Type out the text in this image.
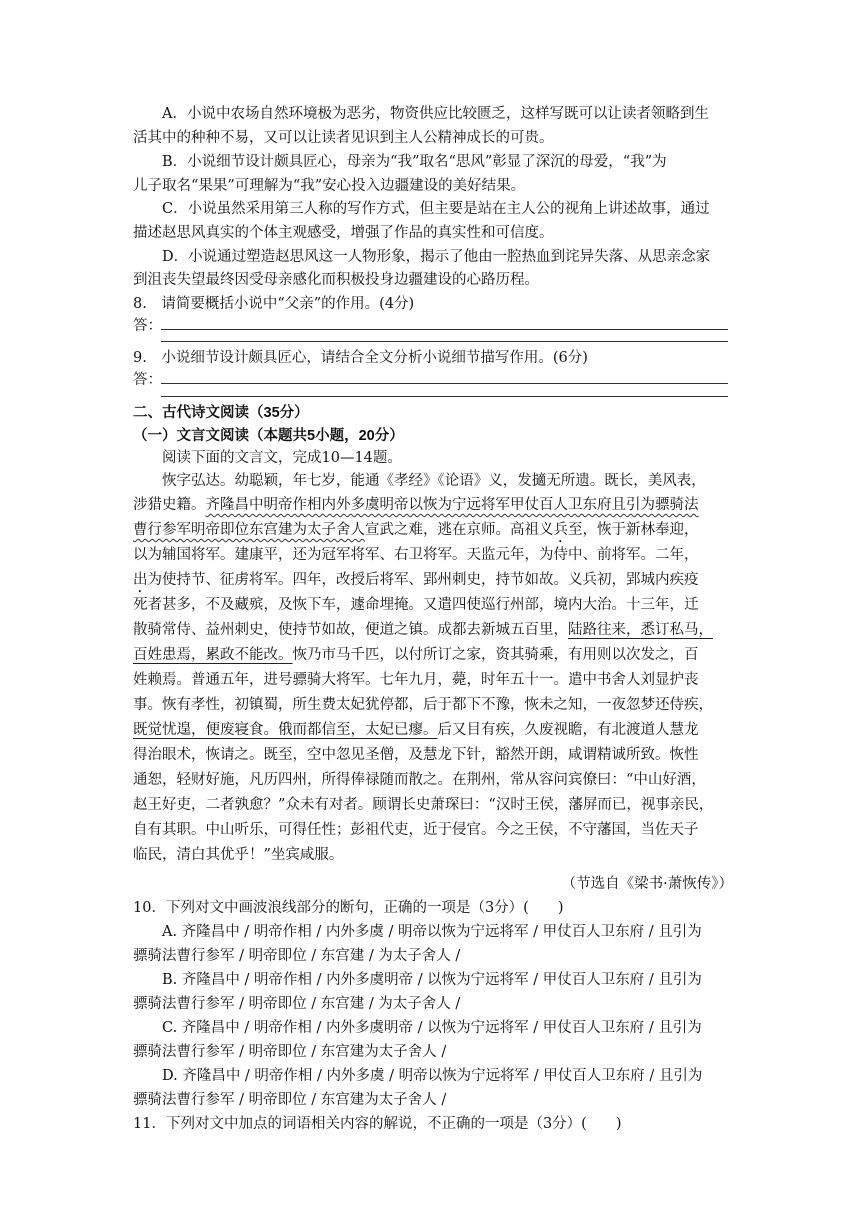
A．小说中农场自然环境极为恶劣，物资供应比较匮乏，这样写既可以让读者领略到生
活其中的种种不易，又可以让读者见识到主人公精神成长的可贵。
B．小说细节设计颇具匠心，母亲为“我”取名“思风”彰显了深沉的母爱，“我”为
儿子取名“果果”可理解为“我”安心投入边疆建设的美好结果。
C．小说虽然采用第三人称的写作方式，但主要是站在主人公的视角上讲述故事，通过
描述赵思风真实的个体主观感受，增强了作品的真实性和可信度。
D．小说通过塑造赵思风这一人物形象，揭示了他由一腔热血到诧异失落、从思亲念家
到沮丧失望最终因受母亲感化而积极投身边疆建设的心路历程。
8.　请简要概括小说中“父亲”的作用。(4分)
答：
9.　小说细节设计颇具匠心，请结合全文分析小说细节描写作用。(6分)
答：
二、古代诗文阅读（35分）
（一）文言文阅读（本题共5小题，20分）
阅读下面的文言文，完成10—14题。
恢字弘达。幼聪颖，年七岁，能通《孝经》《论语》义，发擿无所遗。既长，美风表，
涉猎史籍。齐隆昌中明帝作相内外多虞明帝以恢为宁远将军甲仗百人卫东府且引为骠骑法
曹行参军明帝即位东宫建为太子舍人宣武之难，逃在京师。高祖义兵至，恢于新林奉迎，
以为辅国将军。建康平，还为冠军将军、右卫将军。天监元年，为侍中、前将军。二年，
出为使持节、征虏将军。四年，改授后将军、郢州刺史，持节如故。义兵初，郢城内疾疫
死者甚多，不及藏殡，及恢下车，遽命埋掩。又遣四使巡行州部，境内大治。十三年，迁
散骑常侍、益州刺史，使持节如故，便道之镇。成都去新城五百里，陆路往来，悉订私马，
百姓患焉，累政不能改。恢乃市马千匹，以付所订之家，资其骑乘，有用则以次发之，百
姓赖焉。普通五年，进号骠骑大将军。七年九月，薨，时年五十一。遣中书舍人刘显护丧
事。恢有孝性，初镇蜀，所生费太妃犹停都，后于都下不豫，恢未之知，一夜忽梦还侍疾，
既觉忧遑，便废寝食。俄而都信至，太妃已瘳。后又目有疾，久废视瞻，有北渡道人慧龙
得治眼术，恢请之。既至，空中忽见圣僧，及慧龙下针，豁然开朗，咸谓精诚所致。恢性
通恕，轻财好施，凡历四州，所得俸禄随而散之。在荆州，常从容问宾僚曰：“中山好酒，
赵王好吏，二者孰愈？”众未有对者。顾谓长史萧琛曰：“汉时王侯，藩屏而已，视事亲民，
自有其职。中山听乐，可得任性；彭祖代吏，近于侵官。今之王侯，不守藩国，当佐天子
临民，清白其优乎！”坐宾咸服。
（节选自《梁书·萧恢传》）
10．下列对文中画波浪线部分的断句，正确的一项是（3分）(　　)
A. 齐隆昌中 / 明帝作相 / 内外多虞 / 明帝以恢为宁远将军 / 甲仗百人卫东府 / 且引为
骠骑法曹行参军 / 明帝即位 / 东宫建 / 为太子舍人 /
B. 齐隆昌中 / 明帝作相 / 内外多虞明帝 / 以恢为宁远将军 / 甲仗百人卫东府 / 且引为
骠骑法曹行参军 / 明帝即位 / 东宫建 / 为太子舍人 /
C. 齐隆昌中 / 明帝作相 / 内外多虞明帝 / 以恢为宁远将军 / 甲仗百人卫东府 / 且引为
骠骑法曹行参军 / 明帝即位 / 东宫建为太子舍人 /
D. 齐隆昌中 / 明帝作相 / 内外多虞 / 明帝以恢为宁远将军 / 甲仗百人卫东府 / 且引为
骠骑法曹行参军 / 明帝即位 / 东宫建为太子舍人 /
11．下列对文中加点的词语相关内容的解说，不正确的一项是（3分）(　　)
